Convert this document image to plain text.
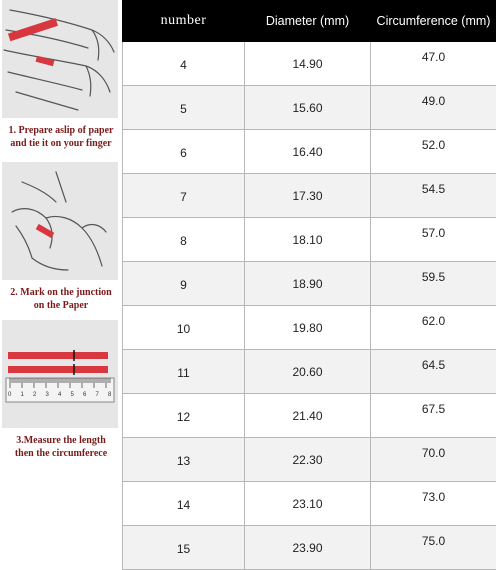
1. Prepare aslip of paper
and tie it on your finger
2. Mark on the junction
on the Paper
0 1 2 3 4 5 6 7 8
3.Measure the length
then the circumferece
number	Diameter (mm)	Circumference (mm)
4	14.90	47.0
5	15.60	49.0
6	16.40	52.0
7	17.30	54.5
8	18.10	57.0
9	18.90	59.5
10	19.80	62.0
11	20.60	64.5
12	21.40	67.5
13	22.30	70.0
14	23.10	73.0
15	23.90	75.0
